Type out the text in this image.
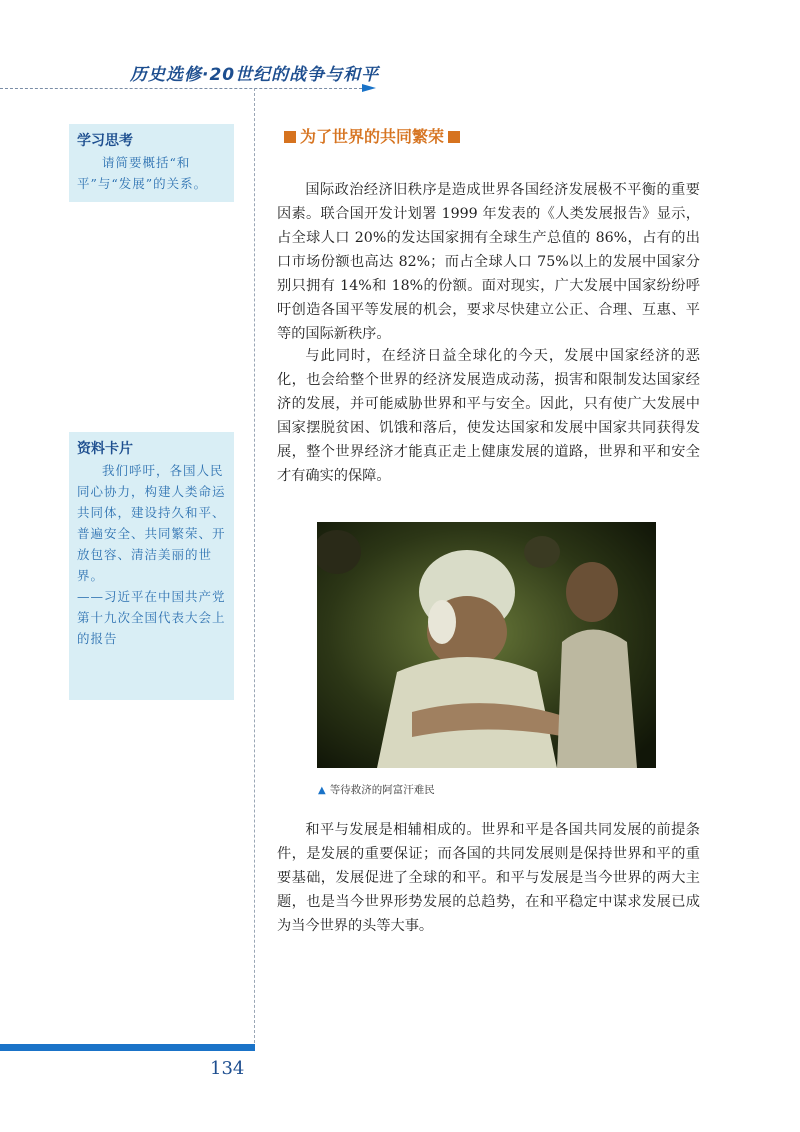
历史选修·20世纪的战争与和平
学习思考
请简要概括“和平”与“发展”的关系。
资料卡片
我们呼吁，各国人民同心协力，构建人类命运共同体，建设持久和平、普遍安全、共同繁荣、开放包容、清洁美丽的世界。
——习近平在中国共产党第十九次全国代表大会上的报告
为了世界的共同繁荣

国际政治经济旧秩序是造成世界各国经济发展极不平衡的重要因素。联合国开发计划署 1999 年发表的《人类发展报告》显示，占全球人口 20%的发达国家拥有全球生产总值的 86%，占有的出口市场份额也高达 82%；而占全球人口 75%以上的发展中国家分别只拥有 14%和 18%的份额。面对现实，广大发展中国家纷纷呼吁创造各国平等发展的机会，要求尽快建立公正、合理、互惠、平等的国际新秩序。

与此同时，在经济日益全球化的今天，发展中国家经济的恶化，也会给整个世界的经济发展造成动荡，损害和限制发达国家经济的发展，并可能威胁世界和平与安全。因此，只有使广大发展中国家摆脱贫困、饥饿和落后，使发达国家和发展中国家共同获得发展，整个世界经济才能真正走上健康发展的道路，世界和平和安全才有确实的保障。

▲ 等待救济的阿富汗难民

和平与发展是相辅相成的。世界和平是各国共同发展的前提条件，是发展的重要保证；而各国的共同发展则是保持世界和平的重要基础，发展促进了全球的和平。和平与发展是当今世界的两大主题，也是当今世界形势发展的总趋势，在和平稳定中谋求发展已成为当今世界的头等大事。

134
